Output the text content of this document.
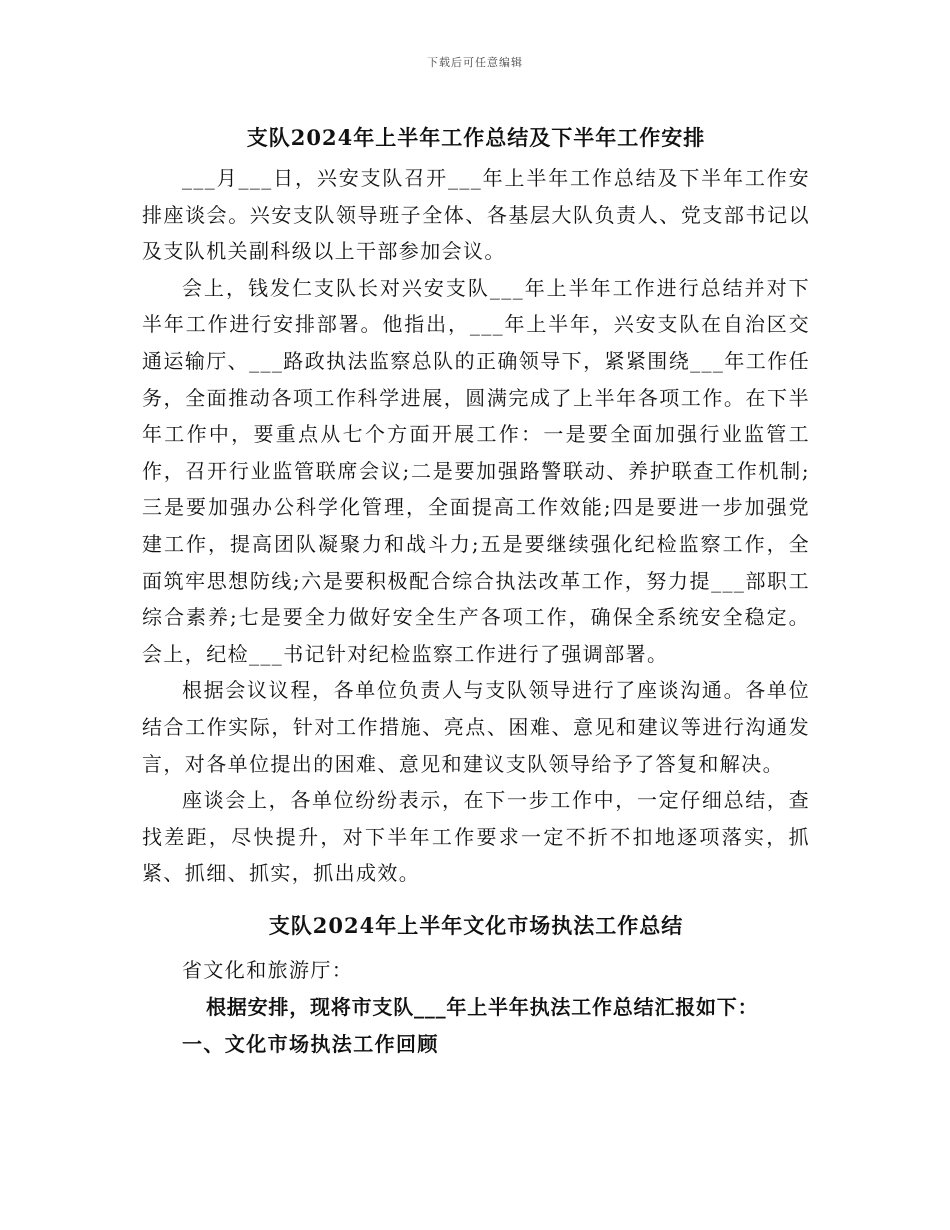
下载后可任意编辑
支队2024年上半年工作总结及下半年工作安排

___月___日，兴安支队召开___年上半年工作总结及下半年工作安排座谈会。兴安支队领导班子全体、各基层大队负责人、党支部书记以及支队机关副科级以上干部参加会议。

会上，钱发仁支队长对兴安支队___年上半年工作进行总结并对下半年工作进行安排部署。他指出，___年上半年，兴安支队在自治区交通运输厅、___路政执法监察总队的正确领导下，紧紧围绕___年工作任务，全面推动各项工作科学进展，圆满完成了上半年各项工作。在下半年工作中，要重点从七个方面开展工作：一是要全面加强行业监管工作，召开行业监管联席会议;二是要加强路警联动、养护联查工作机制;三是要加强办公科学化管理，全面提高工作效能;四是要进一步加强党建工作，提高团队凝聚力和战斗力;五是要继续强化纪检监察工作，全面筑牢思想防线;六是要积极配合综合执法改革工作，努力提___部职工综合素养;七是要全力做好安全生产各项工作，确保全系统安全稳定。会上，纪检___书记针对纪检监察工作进行了强调部署。

根据会议议程，各单位负责人与支队领导进行了座谈沟通。各单位结合工作实际，针对工作措施、亮点、困难、意见和建议等进行沟通发言，对各单位提出的困难、意见和建议支队领导给予了答复和解决。

座谈会上，各单位纷纷表示，在下一步工作中，一定仔细总结，查找差距，尽快提升，对下半年工作要求一定不折不扣地逐项落实，抓紧、抓细、抓实，抓出成效。

支队2024年上半年文化市场执法工作总结

省文化和旅游厅：

根据安排，现将市支队___年上半年执法工作总结汇报如下：

一、文化市场执法工作回顾
